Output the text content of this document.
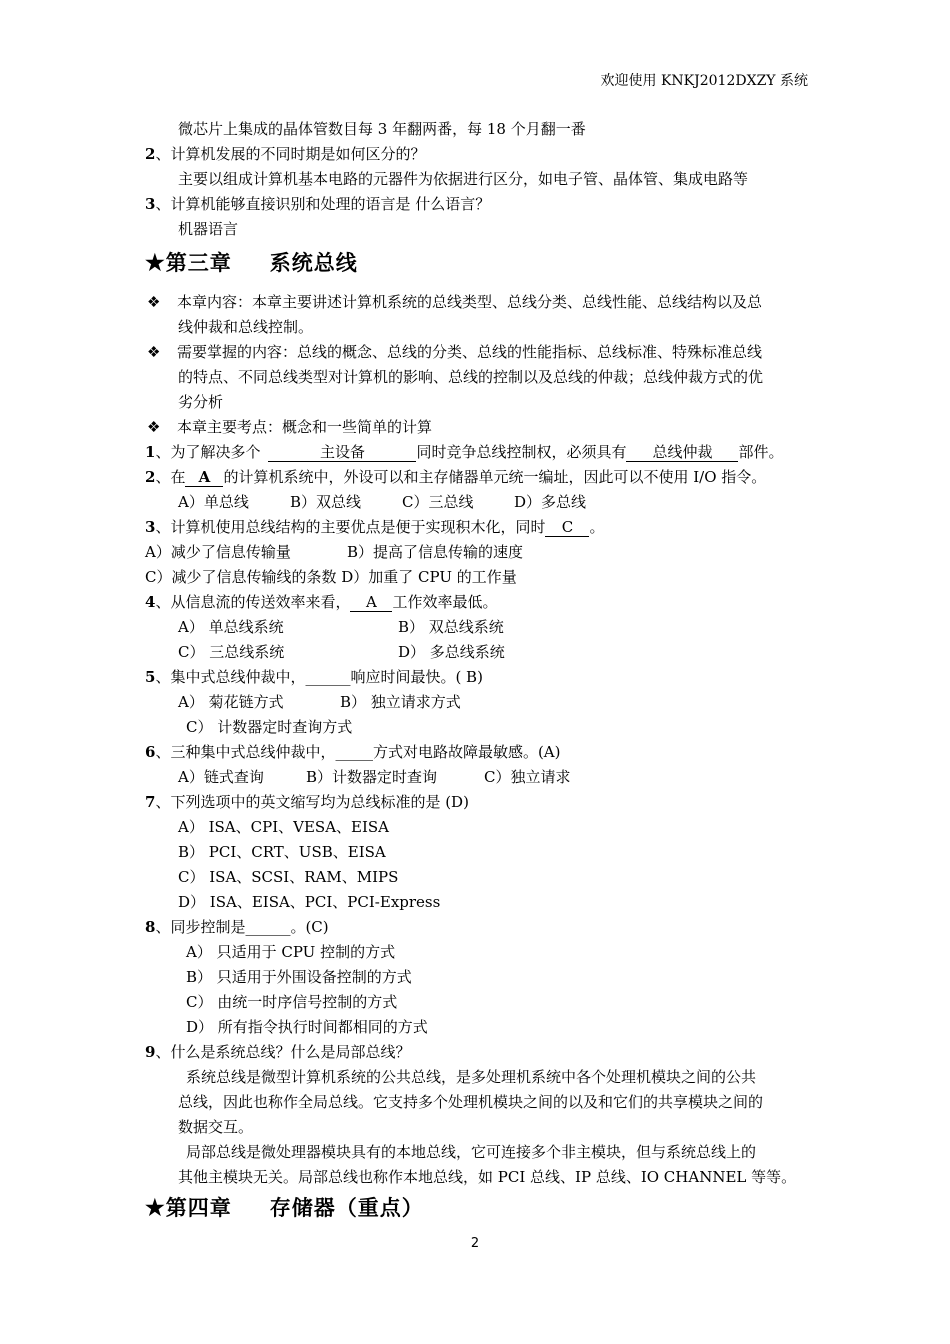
欢迎使用 KNKJ2012DXZY 系统
微芯片上集成的晶体管数目每 3 年翻两番，每 18 个月翻一番
2、计算机发展的不同时期是如何区分的？
主要以组成计算机基本电路的元器件为依据进行区分，如电子管、晶体管、集成电路等
3、计算机能够直接识别和处理的语言是 什么语言？
机器语言
★第三章 系统总线
❖ 本章内容：本章主要讲述计算机系统的总线类型、总线分类、总线性能、总线结构以及总
线仲裁和总线控制。
❖ 需要掌握的内容：总线的概念、总线的分类、总线的性能指标、总线标准、特殊标准总线
的特点、不同总线类型对计算机的影响、总线的控制以及总线的仲裁；总线仲裁方式的优
劣分析
❖ 本章主要考点：概念和一些简单的计算
1、为了解决多个	主设备	同时竞争总线控制权，必须具有 总线仲裁 部件。
2、在 A 的计算机系统中，外设可以和主存储器单元统一编址，因此可以不使用 I/O 指令。
A）单总线	B）双总线	C）三总线	D）多总线
3、计算机使用总线结构的主要优点是便于实现积木化，同时 C 。
A）减少了信息传输量	B）提高了信息传输的速度
C）减少了信息传输线的条数 D）加重了 CPU 的工作量
4、从信息流的传送效率来看， A 工作效率最低。
A） 单总线系统	B） 双总线系统
C） 三总线系统	D） 多总线系统
5、集中式总线仲裁中，______响应时间最快。( B)
A） 菊花链方式	B） 独立请求方式
C） 计数器定时查询方式
6、三种集中式总线仲裁中，_____方式对电路故障最敏感。(A)
A）链式查询	B）计数器定时查询	C）独立请求
7、下列选项中的英文缩写均为总线标准的是 (D)
A） ISA、CPI、VESA、EISA
B） PCI、CRT、USB、EISA
C） ISA、SCSI、RAM、MIPS
D） ISA、EISA、PCI、PCI-Express
8、同步控制是______。(C)
A） 只适用于 CPU 控制的方式
B） 只适用于外围设备控制的方式
C） 由统一时序信号控制的方式
D） 所有指令执行时间都相同的方式
9、什么是系统总线？什么是局部总线？
系统总线是微型计算机系统的公共总线，是多处理机系统中各个处理机模块之间的公共
总线，因此也称作全局总线。它支持多个处理机模块之间的以及和它们的共享模块之间的
数据交互。
局部总线是微处理器模块具有的本地总线，它可连接多个非主模块，但与系统总线上的
其他主模块无关。局部总线也称作本地总线，如 PCI 总线、IP 总线、IO CHANNEL 等等。
★第四章 存储器（重点）
2
